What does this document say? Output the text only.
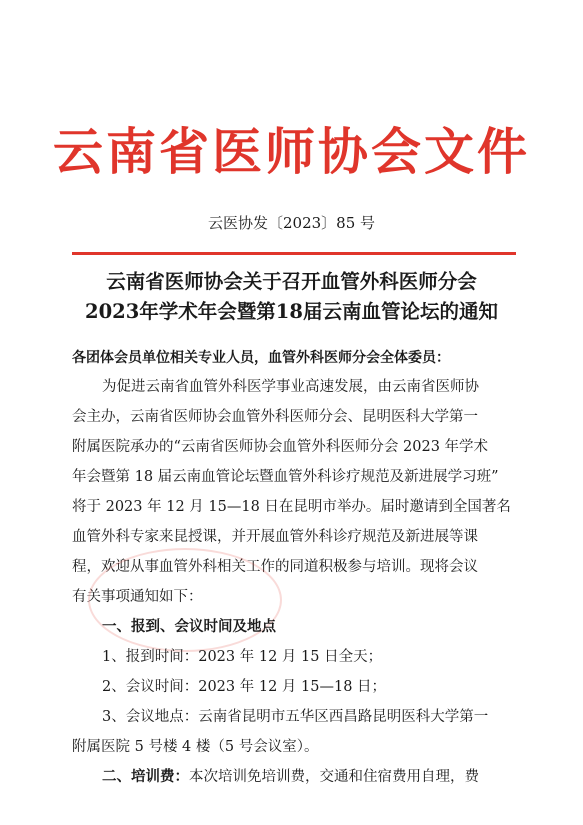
云南省医师协会文件
云医协发〔2023〕85 号
云南省医师协会关于召开血管外科医师分会
2023年学术年会暨第18届云南血管论坛的通知
各团体会员单位相关专业人员，血管外科医师分会全体委员：
为促进云南省血管外科医学事业高速发展，由云南省医师协
会主办，云南省医师协会血管外科医师分会、昆明医科大学第一
附属医院承办的“云南省医师协会血管外科医师分会 2023 年学术
年会暨第 18 届云南血管论坛暨血管外科诊疗规范及新进展学习班”
将于 2023 年 12 月 15—18 日在昆明市举办。届时邀请到全国著名
血管外科专家来昆授课，并开展血管外科诊疗规范及新进展等课
程，欢迎从事血管外科相关工作的同道积极参与培训。现将会议
有关事项通知如下：
一、报到、会议时间及地点
1、报到时间：2023 年 12 月 15 日全天；
2、会议时间：2023 年 12 月 15—18 日；
3、会议地点：云南省昆明市五华区西昌路昆明医科大学第一
附属医院 5 号楼 4 楼（5 号会议室）。
二、培训费：本次培训免培训费，交通和住宿费用自理，费
